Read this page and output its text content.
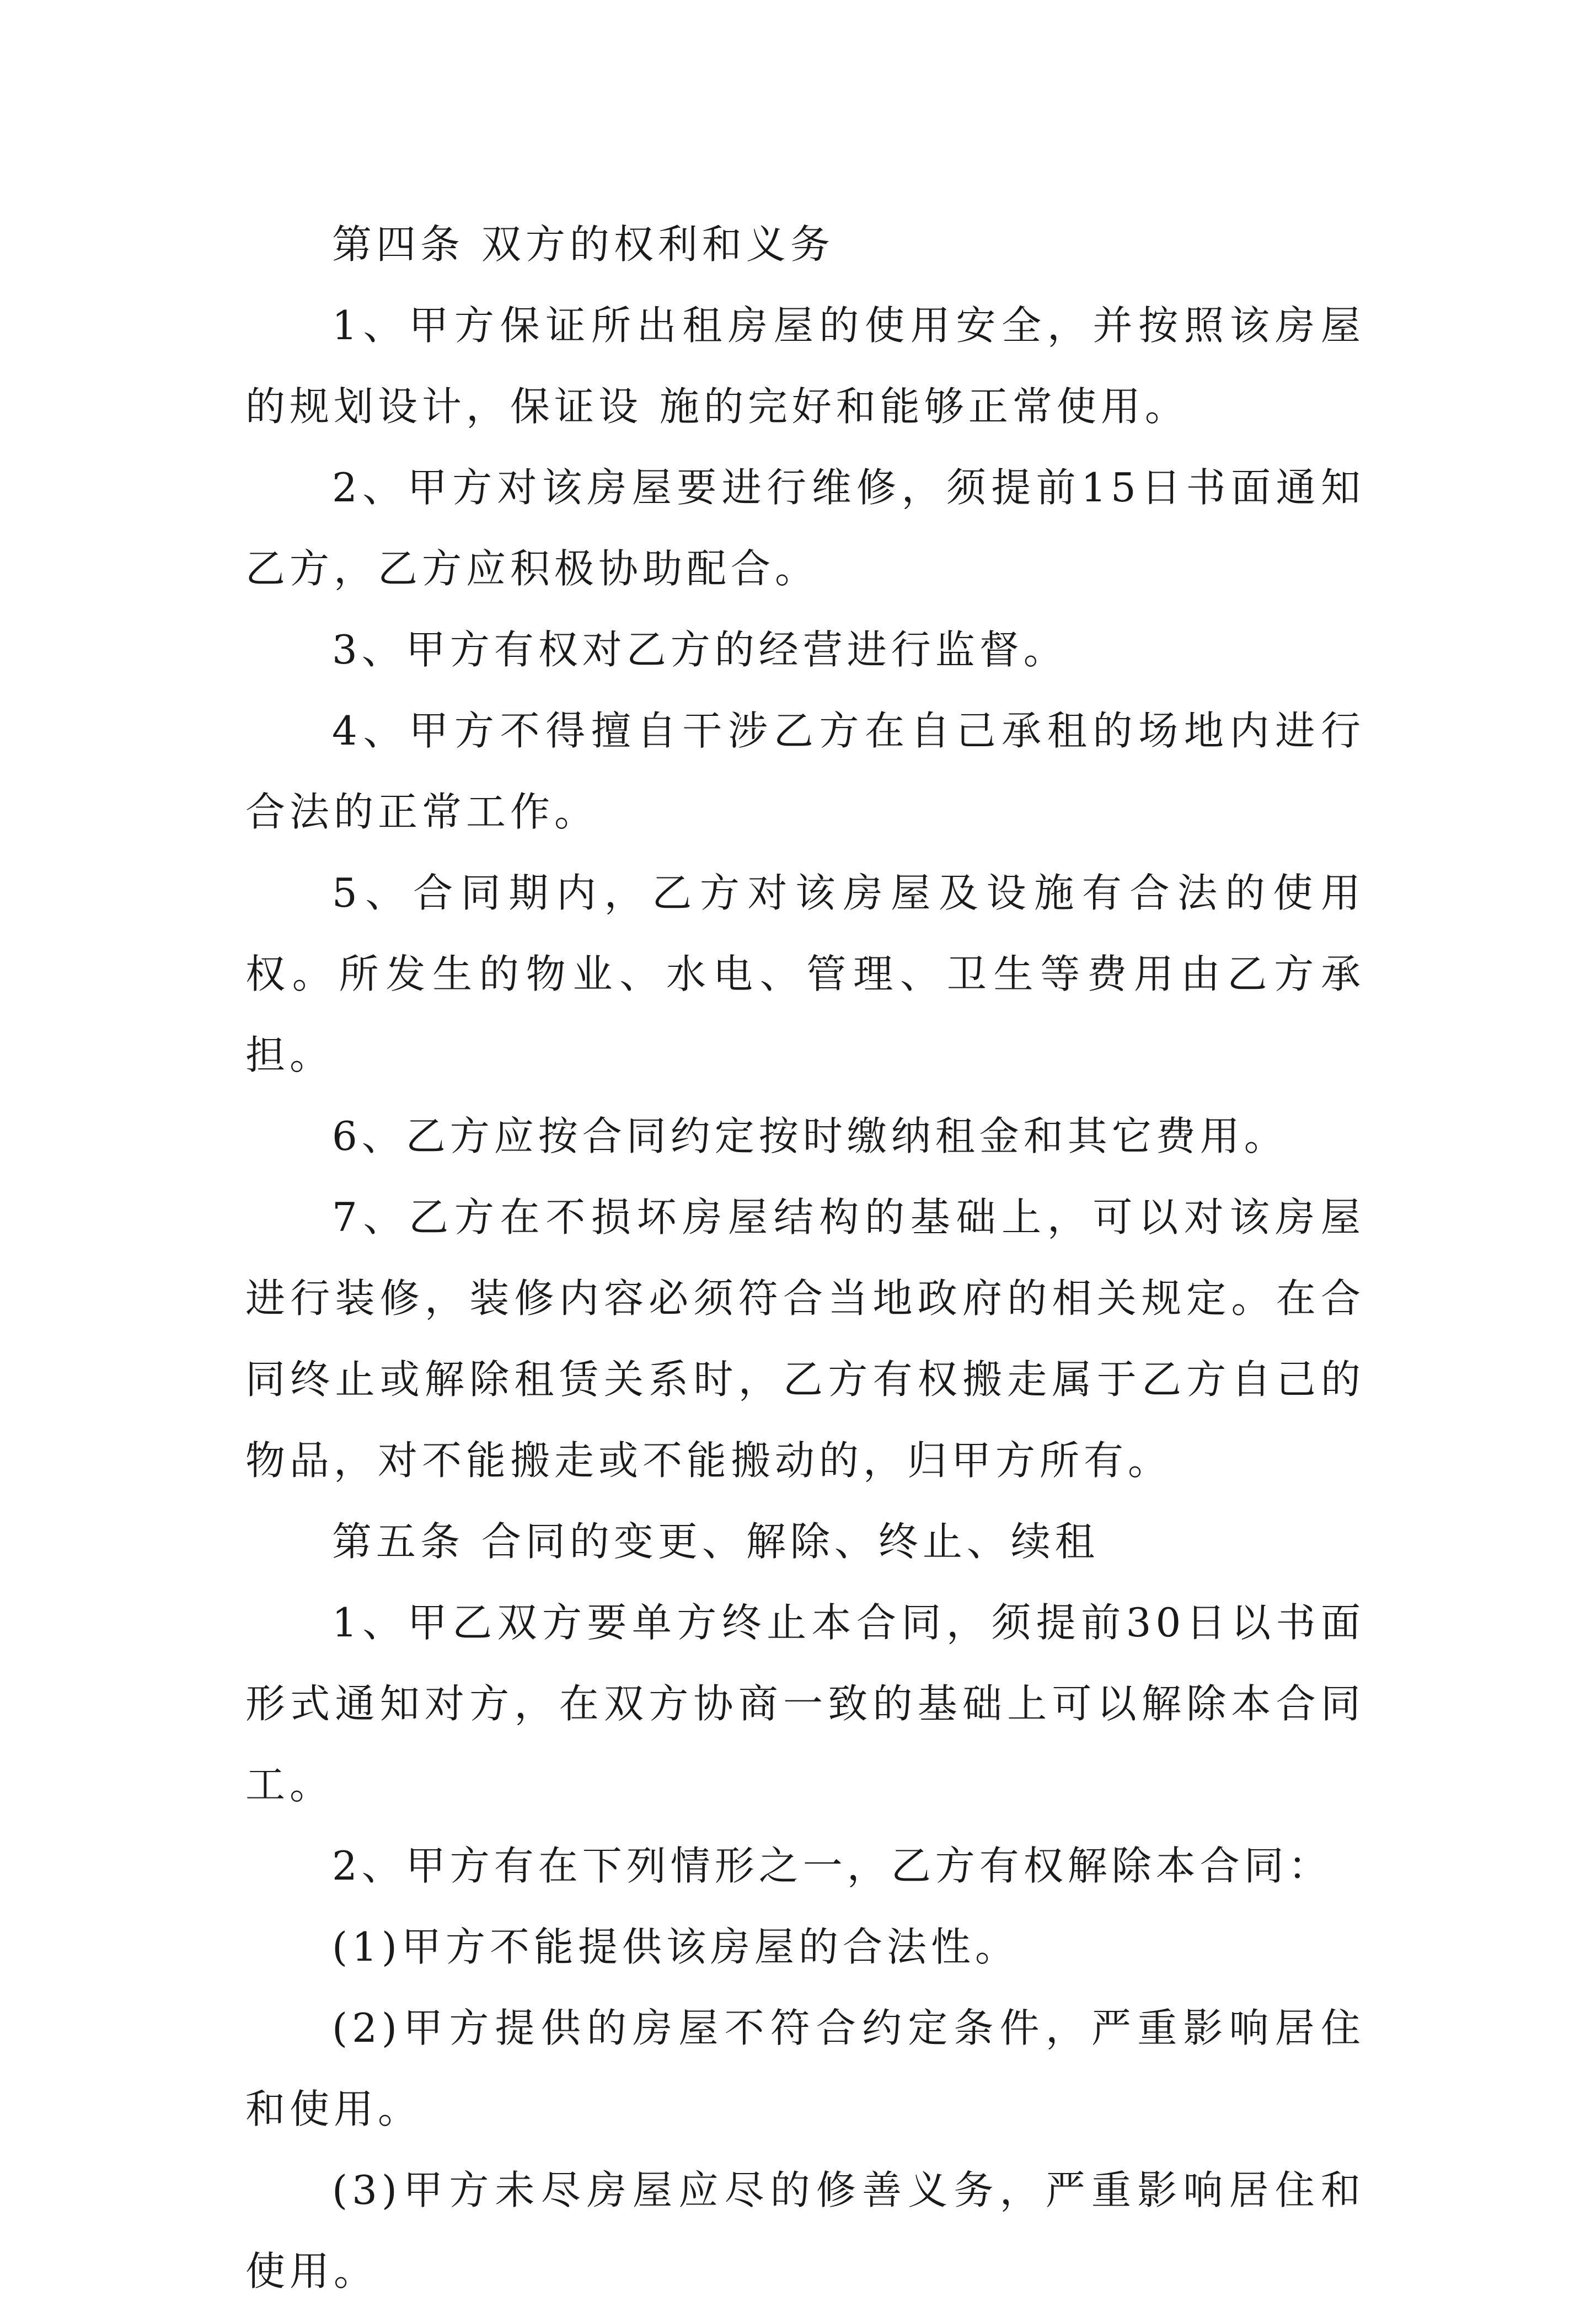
第四条 双方的权利和义务

1、甲方保证所出租房屋的使用安全，并按照该房屋的规划设计，保证设 施的完好和能够正常使用。

2、甲方对该房屋要进行维修，须提前15日书面通知乙方，乙方应积极协助配合。

3、甲方有权对乙方的经营进行监督。

4、甲方不得擅自干涉乙方在自己承租的场地内进行合法的正常工作。

5、合同期内，乙方对该房屋及设施有合法的使用权。所发生的物业、水电、管理、卫生等费用由乙方承担。

6、乙方应按合同约定按时缴纳租金和其它费用。

7、乙方在不损坏房屋结构的基础上，可以对该房屋进行装修，装修内容必须符合当地政府的相关规定。在合同终止或解除租赁关系时，乙方有权搬走属于乙方自己的物品，对不能搬走或不能搬动的，归甲方所有。

第五条 合同的变更、解除、终止、续租

1、甲乙双方要单方终止本合同，须提前30日以书面形式通知对方，在双方协商一致的基础上可以解除本合同工。

2、甲方有在下列情形之一，乙方有权解除本合同：

(1)甲方不能提供该房屋的合法性。

(2)甲方提供的房屋不符合约定条件，严重影响居住和使用。

(3)甲方未尽房屋应尽的修善义务，严重影响居住和使用。
